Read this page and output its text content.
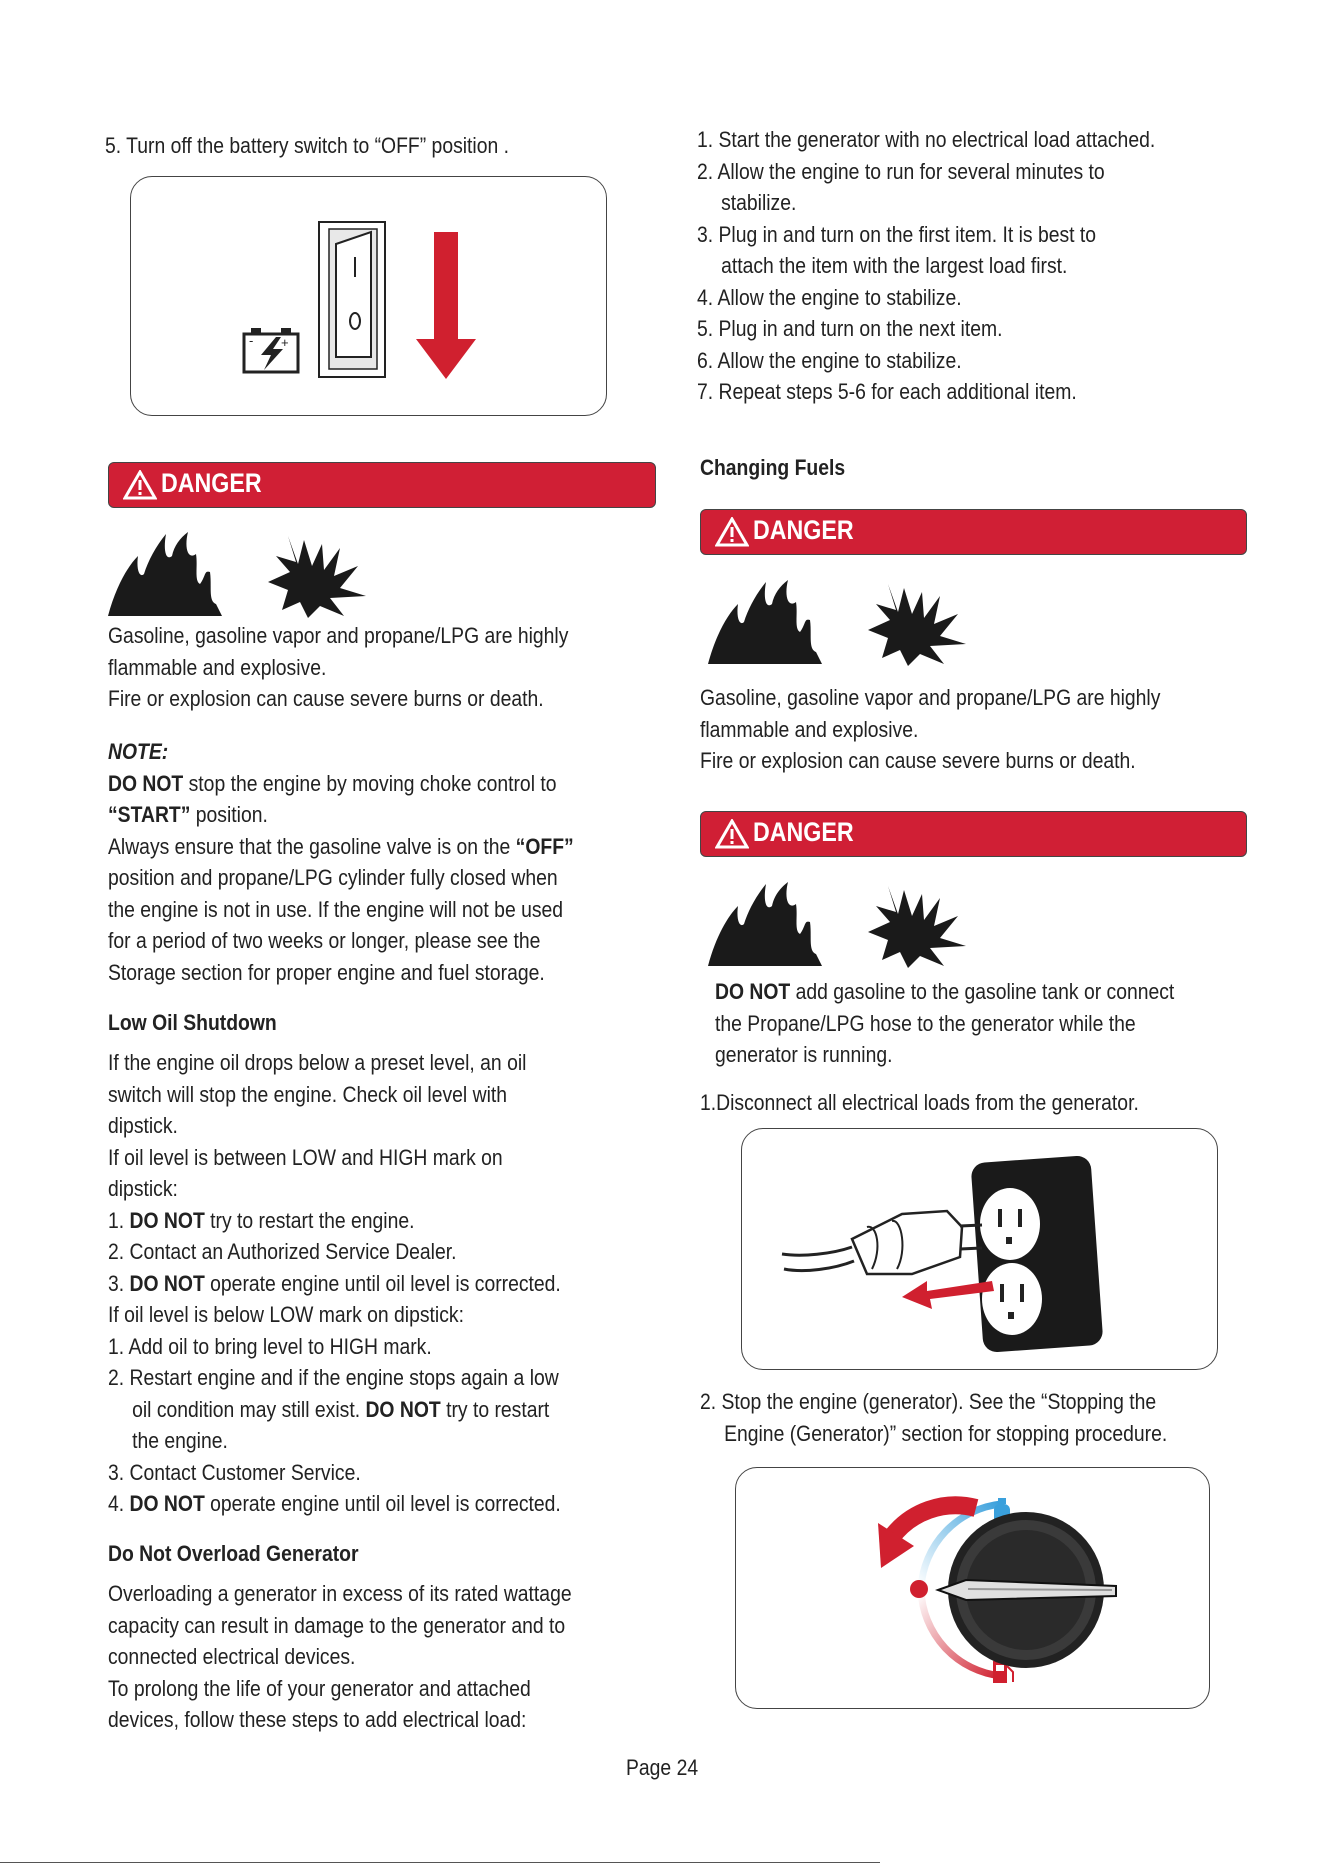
5. Turn off the battery switch to “OFF” position .
- +
DANGER
Gasoline, gasoline vapor and propane/LPG are highly
flammable and explosive.
Fire or explosion can cause severe burns or death.
NOTE:
DO NOT stop the engine by moving choke control to
“START” position.
Always ensure that the gasoline valve is on the “OFF”
position and propane/LPG cylinder fully closed when
the engine is not in use. If the engine will not be used
for a period of two weeks or longer, please see the
Storage section for proper engine and fuel storage.
Low Oil Shutdown
If the engine oil drops below a preset level, an oil
switch will stop the engine. Check oil level with
dipstick.
If oil level is between LOW and HIGH mark on
dipstick:
1. DO NOT try to restart the engine.
2. Contact an Authorized Service Dealer.
3. DO NOT operate engine until oil level is corrected.
If oil level is below LOW mark on dipstick:
1. Add oil to bring level to HIGH mark.
2. Restart engine and if the engine stops again a low
oil condition may still exist. DO NOT try to restart
the engine.
3. Contact Customer Service.
4. DO NOT operate engine until oil level is corrected.
Do Not Overload Generator
Overloading a generator in excess of its rated wattage
capacity can result in damage to the generator and to
connected electrical devices.
To prolong the life of your generator and attached
devices, follow these steps to add electrical load:
1. Start the generator with no electrical load attached.
2. Allow the engine to run for several minutes to
stabilize.
3. Plug in and turn on the first item. It is best to
attach the item with the largest load first.
4. Allow the engine to stabilize.
5. Plug in and turn on the next item.
6. Allow the engine to stabilize.
7. Repeat steps 5-6 for each additional item.
Changing Fuels
DANGER
Gasoline, gasoline vapor and propane/LPG are highly
flammable and explosive.
Fire or explosion can cause severe burns or death.
DANGER
DO NOT add gasoline to the gasoline tank or connect
the Propane/LPG hose to the generator while the
generator is running.
1.Disconnect all electrical loads from the generator.
2. Stop the engine (generator). See the “Stopping the
Engine (Generator)” section for stopping procedure.
Page 24
